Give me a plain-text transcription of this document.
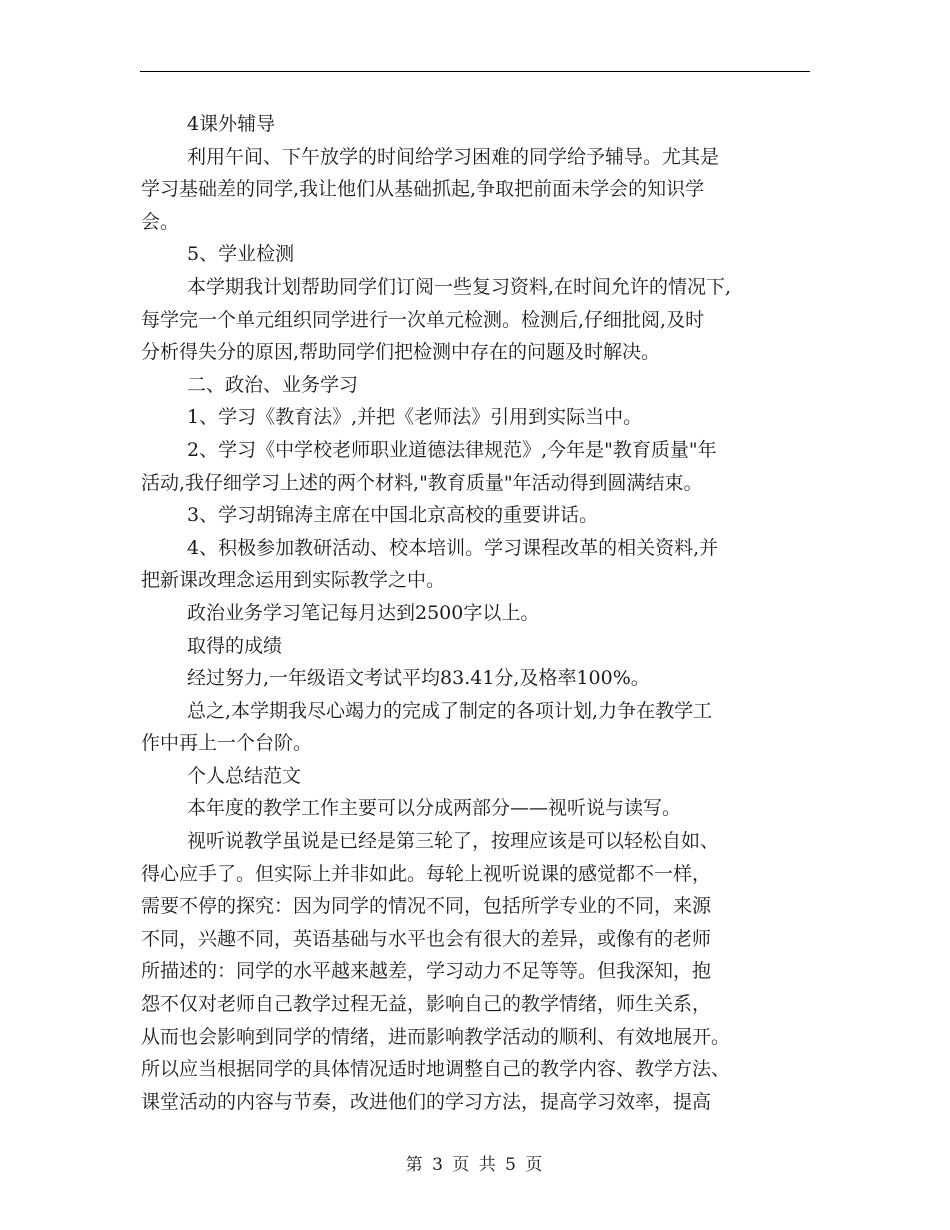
4课外辅导
利用午间、下午放学的时间给学习困难的同学给予辅导。尤其是
学习基础差的同学,我让他们从基础抓起,争取把前面未学会的知识学
会。
5、学业检测
本学期我计划帮助同学们订阅一些复习资料,在时间允许的情况下,
每学完一个单元组织同学进行一次单元检测。检测后,仔细批阅,及时
分析得失分的原因,帮助同学们把检测中存在的问题及时解决。
二、政治、业务学习
1、学习《教育法》,并把《老师法》引用到实际当中。
2、学习《中学校老师职业道德法律规范》,今年是"教育质量"年
活动,我仔细学习上述的两个材料,"教育质量"年活动得到圆满结束。
3、学习胡锦涛主席在中国北京高校的重要讲话。
4、积极参加教研活动、校本培训。学习课程改革的相关资料,并
把新课改理念运用到实际教学之中。
政治业务学习笔记每月达到2500字以上。
取得的成绩
经过努力,一年级语文考试平均83.41分,及格率100%。
总之,本学期我尽心竭力的完成了制定的各项计划,力争在教学工
作中再上一个台阶。
个人总结范文
本年度的教学工作主要可以分成两部分——视听说与读写。
视听说教学虽说是已经是第三轮了，按理应该是可以轻松自如、
得心应手了。但实际上并非如此。每轮上视听说课的感觉都不一样，
需要不停的探究：因为同学的情况不同，包括所学专业的不同，来源
不同，兴趣不同，英语基础与水平也会有很大的差异，或像有的老师
所描述的：同学的水平越来越差，学习动力不足等等。但我深知，抱
怨不仅对老师自己教学过程无益，影响自己的教学情绪，师生关系，
从而也会影响到同学的情绪，进而影响教学活动的顺利、有效地展开。
所以应当根据同学的具体情况适时地调整自己的教学内容、教学方法、
课堂活动的内容与节奏，改进他们的学习方法，提高学习效率，提高
第 3 页 共 5 页
